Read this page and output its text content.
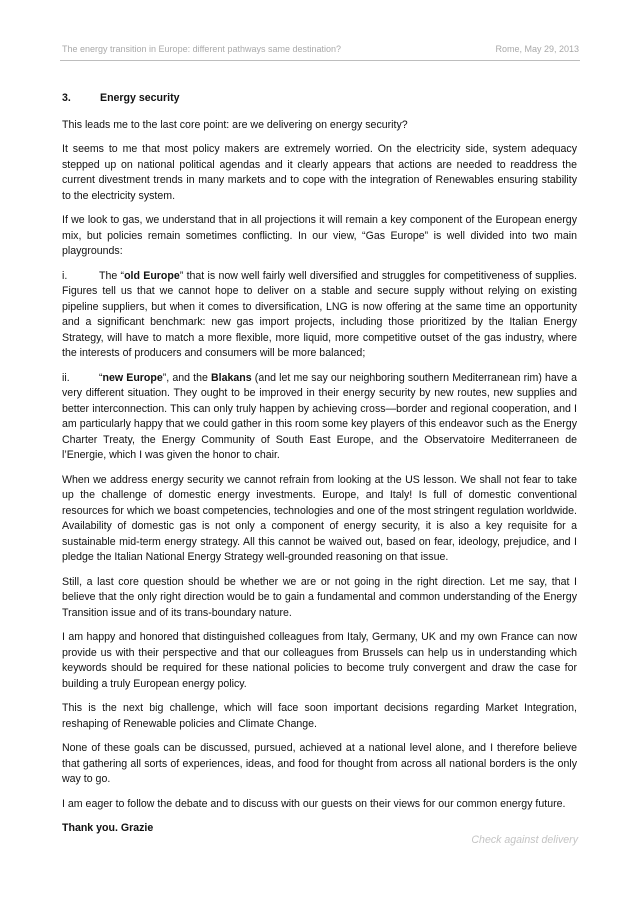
The energy transition in Europe: different pathways same destination?	Rome, May 29, 2013

3.	Energy security

This leads me to the last core point: are we delivering on energy security?

It seems to me that most policy makers are extremely worried. On the electricity side, system adequacy stepped up on national political agendas and it clearly appears that actions are needed to readdress the current divestment trends in many markets and to cope with the integration of Renewables ensuring stability to the electricity system.

If we look to gas, we understand that in all projections it will remain a key component of the European energy mix, but policies remain sometimes conflicting. In our view, “Gas Europe” is well divided into two main playgrounds:

i.	The “old Europe” that is now well fairly well diversified and struggles for competitiveness of supplies. Figures tell us that we cannot hope to deliver on a stable and secure supply without relying on existing pipeline suppliers, but when it comes to diversification, LNG is now offering at the same time an opportunity and a significant benchmark: new gas import projects, including those prioritized by the Italian Energy Strategy, will have to match a more flexible, more liquid, more competitive outset of the gas industry, where the interests of producers and consumers will be more balanced;

ii.	“new Europe”, and the Blakans (and let me say our neighboring southern Mediterranean rim) have a very different situation. They ought to be improved in their energy security by new routes, new supplies and better interconnection. This can only truly happen by achieving cross—border and regional cooperation, and I am particularly happy that we could gather in this room some key players of this endeavor such as the Energy Charter Treaty, the Energy Community of South East Europe, and the Observatoire Mediterraneen de l’Energie, which I was given the honor to chair.

When we address energy security we cannot refrain from looking at the US lesson. We shall not fear to take up the challenge of domestic energy investments. Europe, and Italy! Is full of domestic conventional resources for which we boast competencies, technologies and one of the most stringent regulation worldwide. Availability of domestic gas is not only a component of energy security, it is also a key requisite for a sustainable mid-term energy strategy. All this cannot be waived out, based on fear, ideology, prejudice, and I pledge the Italian National Energy Strategy well-grounded reasoning on that issue.

Still, a last core question should be whether we are or not going in the right direction. Let me say, that I believe that the only right direction would be to gain a fundamental and common understanding of the Energy Transition issue and of its trans-boundary nature.

I am happy and honored that distinguished colleagues from Italy, Germany, UK and my own France can now provide us with their perspective and that our colleagues from Brussels can help us in understanding which keywords should be required for these national policies to become truly convergent and draw the case for building a truly European energy policy.

This is the next big challenge, which will face soon important decisions regarding Market Integration, reshaping of Renewable policies and Climate Change.

None of these goals can be discussed, pursued, achieved at a national level alone, and I therefore believe that gathering all sorts of experiences, ideas, and food for thought from across all national borders is the only way to go.

I am eager to follow the debate and to discuss with our guests on their views for our common energy future.

Thank you. Grazie

Check against delivery
